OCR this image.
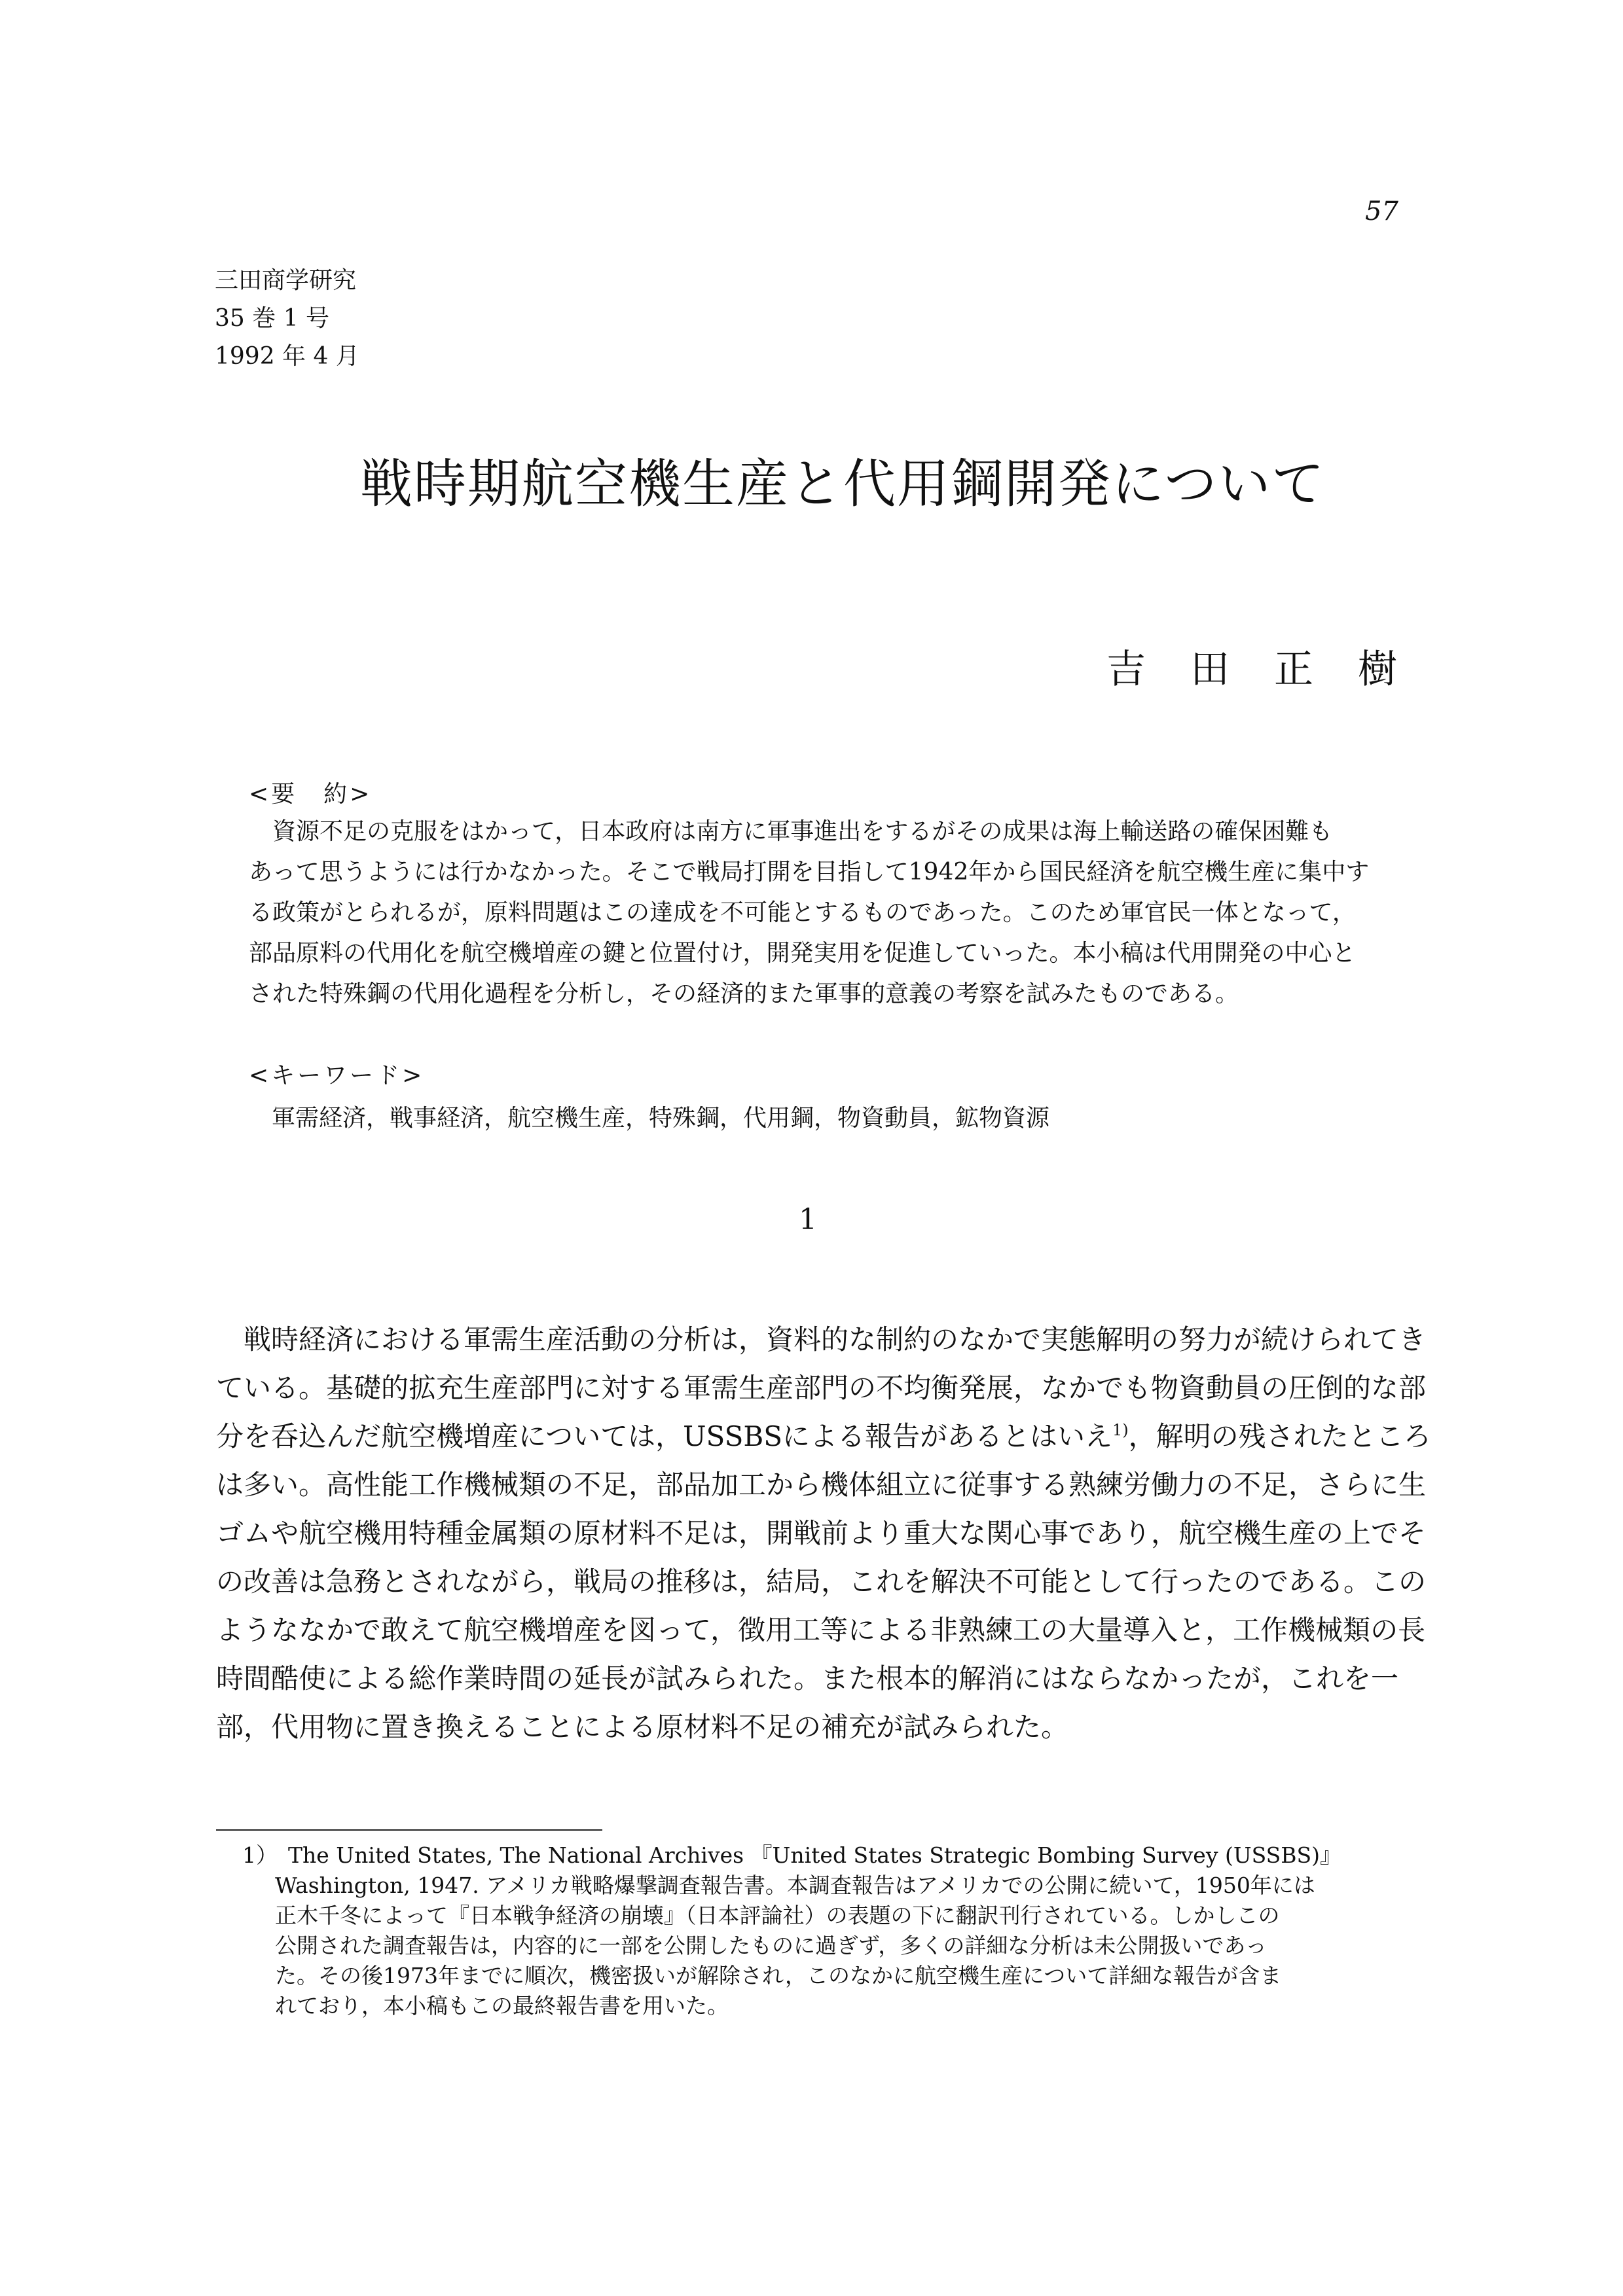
57
三田商学研究
35 巻 1 号
1992 年 4 月
戦時期航空機生産と代用鋼開発について
吉田正樹
<要　約>

資源不足の克服をはかって，日本政府は南方に軍事進出をするがその成果は海上輸送路の確保困難も

あって思うようには行かなかった。そこで戦局打開を目指して1942年から国民経済を航空機生産に集中す

る政策がとられるが，原料問題はこの達成を不可能とするものであった。このため軍官民一体となって，

部品原料の代用化を航空機増産の鍵と位置付け，開発実用を促進していった。本小稿は代用開発の中心と

された特殊鋼の代用化過程を分析し，その経済的また軍事的意義の考察を試みたものである。

<キーワード>
軍需経済，戦事経済，航空機生産，特殊鋼，代用鋼，物資動員，鉱物資源
1

戦時経済における軍需生産活動の分析は，資料的な制約のなかで実態解明の努力が続けられてき

ている。基礎的拡充生産部門に対する軍需生産部門の不均衡発展，なかでも物資動員の圧倒的な部

分を呑込んだ航空機増産については，USSBSによる報告があるとはいえ$^{1)}$，解明の残されたところ

は多い。高性能工作機械類の不足，部品加工から機体組立に従事する熟練労働力の不足，さらに生

ゴムや航空機用特種金属類の原材料不足は，開戦前より重大な関心事であり，航空機生産の上でそ

の改善は急務とされながら，戦局の推移は，結局，これを解決不可能として行ったのである。この

ようななかで敢えて航空機増産を図って，徴用工等による非熟練工の大量導入と，工作機械類の長

時間酷使による総作業時間の延長が試みられた。また根本的解消にはならなかったが，これを一

部，代用物に置き換えることによる原材料不足の補充が試みられた。

1） The United States, The National Archives 『United States Strategic Bombing Survey (USSBS)』
Washington, 1947. アメリカ戦略爆撃調査報告書。本調査報告はアメリカでの公開に続いて，1950年には
正木千冬によって『日本戦争経済の崩壊』（日本評論社）の表題の下に翻訳刊行されている。しかしこの
公開された調査報告は，内容的に一部を公開したものに過ぎず，多くの詳細な分析は未公開扱いであっ
た。その後1973年までに順次，機密扱いが解除され，このなかに航空機生産について詳細な報告が含ま
れており，本小稿もこの最終報告書を用いた。
